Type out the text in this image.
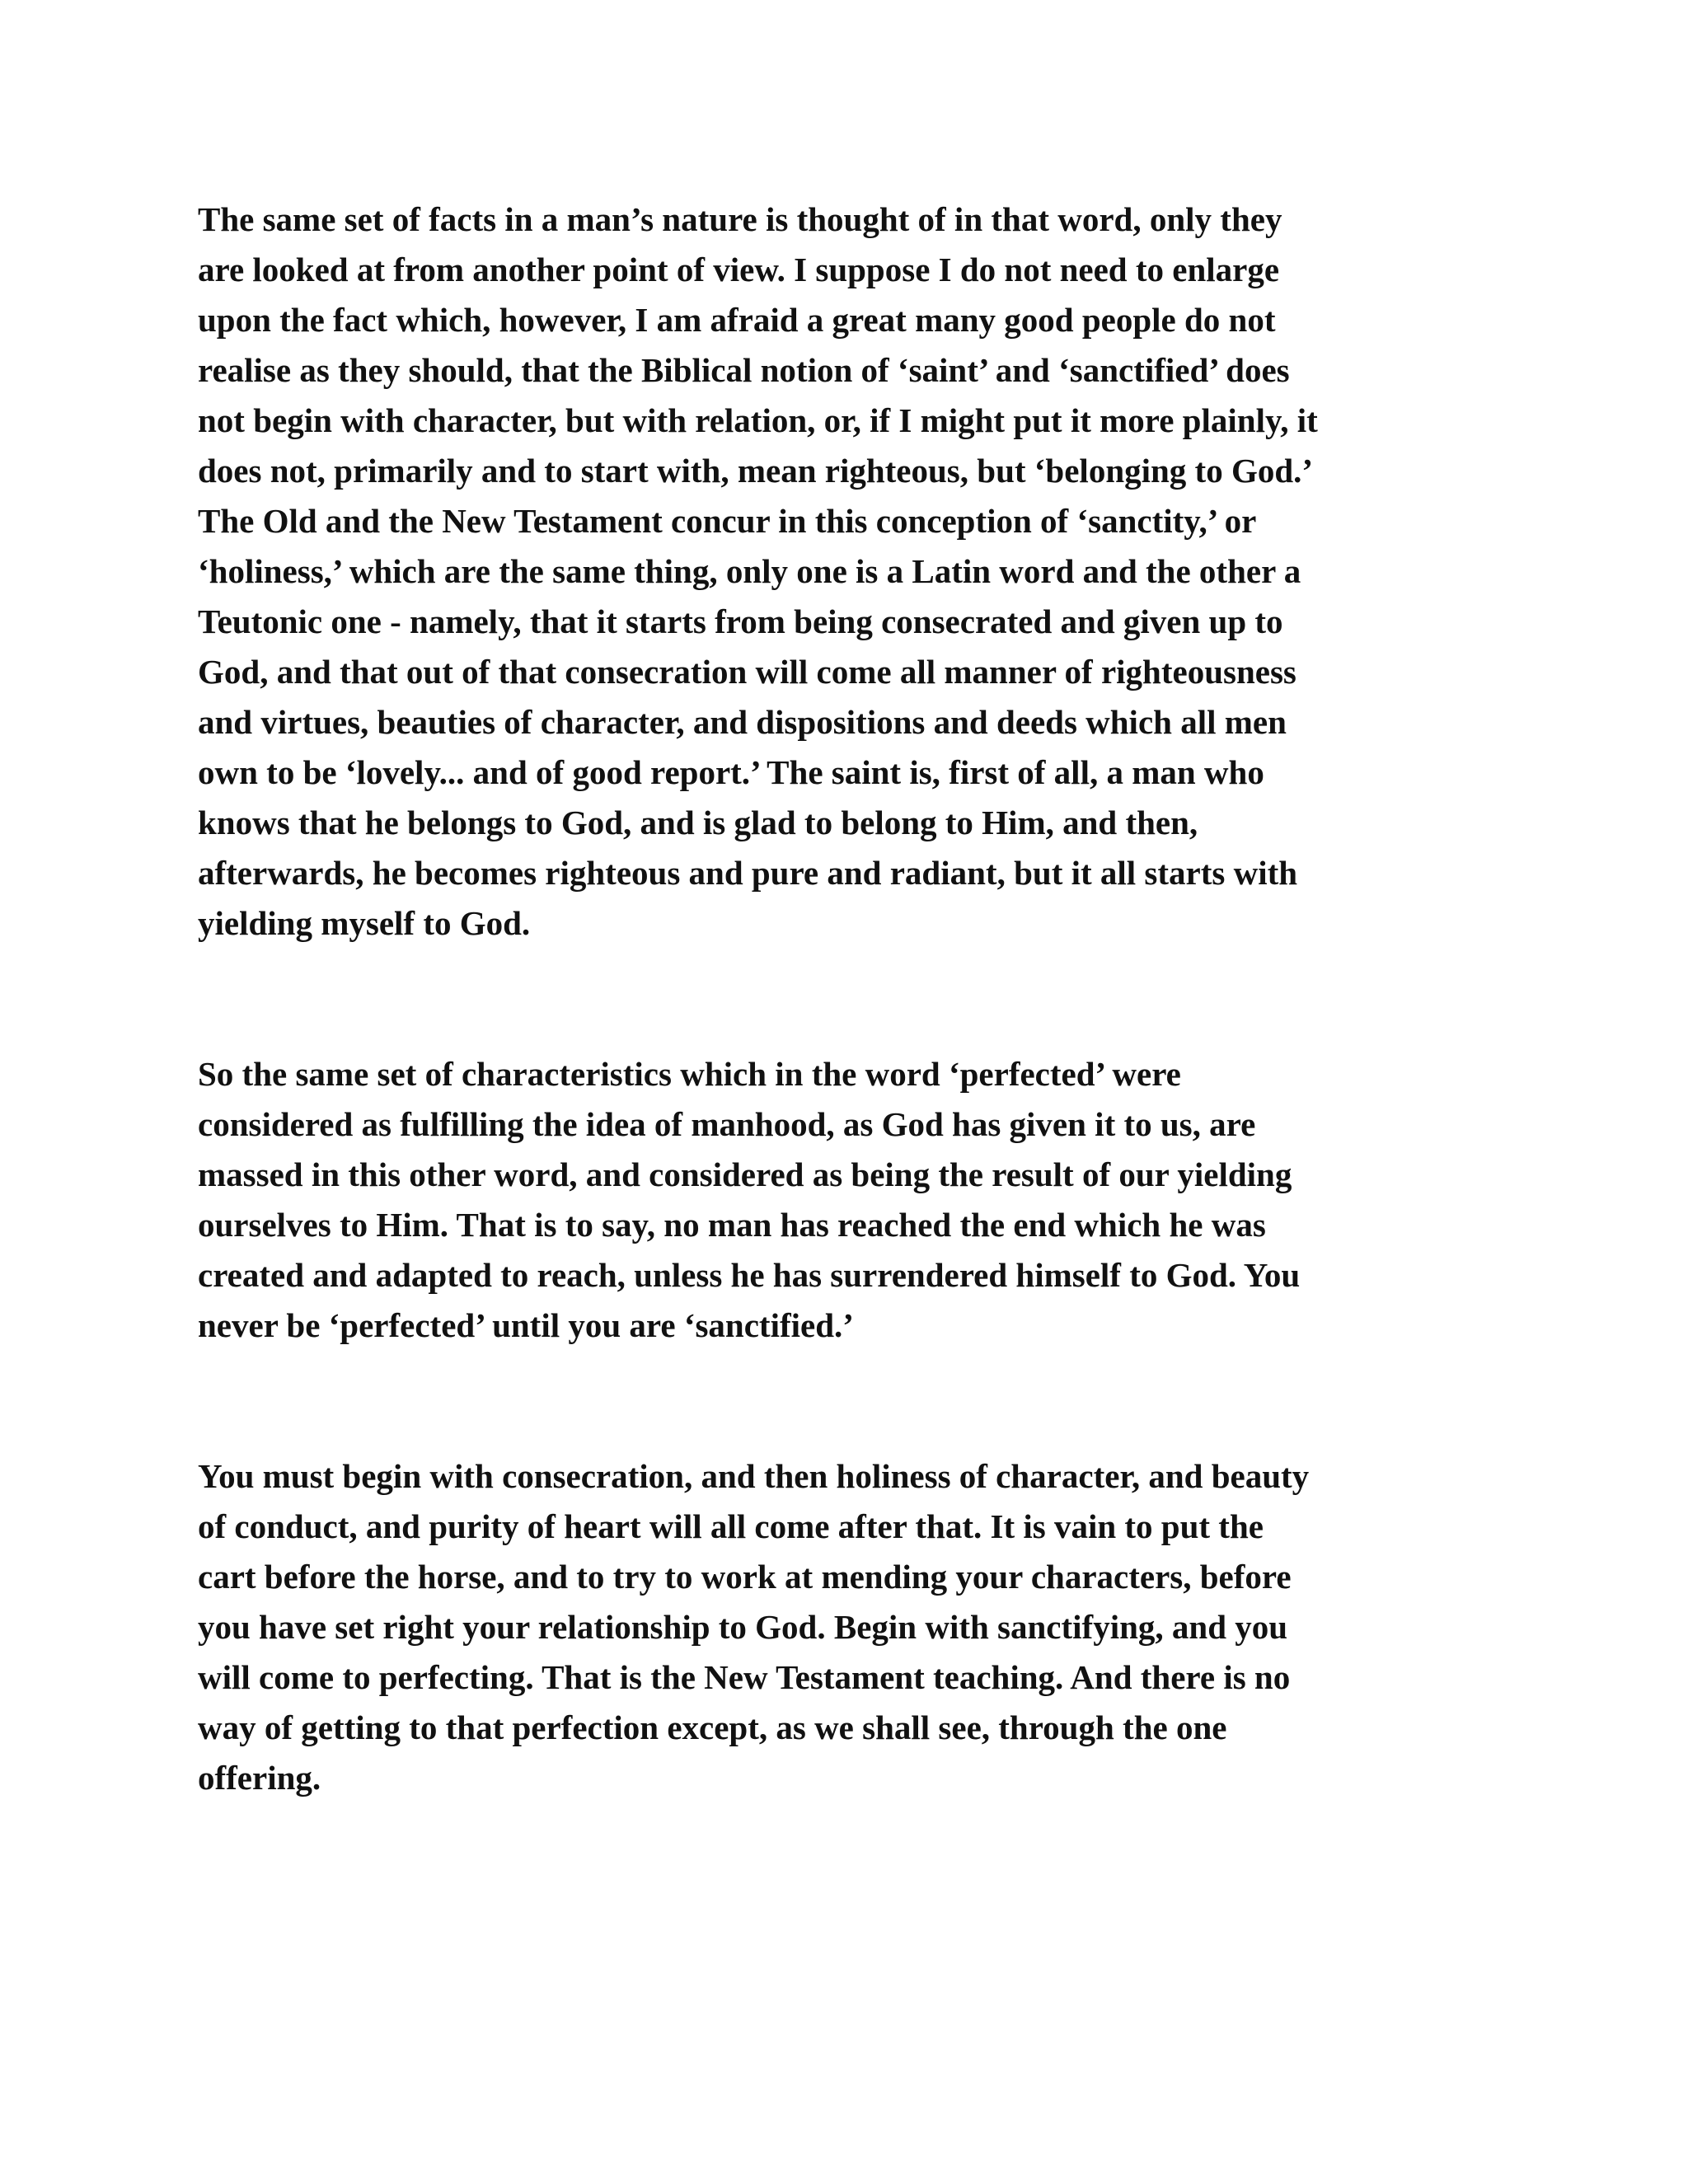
The same set of facts in a man’s nature is thought of in that word, only they
are looked at from another point of view. I suppose I do not need to enlarge
upon the fact which, however, I am afraid a great many good people do not
realise as they should, that the Biblical notion of ‘saint’ and ‘sanctified’ does
not begin with character, but with relation, or, if I might put it more plainly, it
does not, primarily and to start with, mean righteous, but ‘belonging to God.’
The Old and the New Testament concur in this conception of ‘sanctity,’ or
‘holiness,’ which are the same thing, only one is a Latin word and the other a
Teutonic one - namely, that it starts from being consecrated and given up to
God, and that out of that consecration will come all manner of righteousness
and virtues, beauties of character, and dispositions and deeds which all men
own to be ‘lovely... and of good report.’ The saint is, first of all, a man who
knows that he belongs to God, and is glad to belong to Him, and then,
afterwards, he becomes righteous and pure and radiant, but it all starts with
yielding myself to God.

So the same set of characteristics which in the word ‘perfected’ were
considered as fulfilling the idea of manhood, as God has given it to us, are
massed in this other word, and considered as being the result of our yielding
ourselves to Him. That is to say, no man has reached the end which he was
created and adapted to reach, unless he has surrendered himself to God. You
never be ‘perfected’ until you are ‘sanctified.’

You must begin with consecration, and then holiness of character, and beauty
of conduct, and purity of heart will all come after that. It is vain to put the
cart before the horse, and to try to work at mending your characters, before
you have set right your relationship to God. Begin with sanctifying, and you
will come to perfecting. That is the New Testament teaching. And there is no
way of getting to that perfection except, as we shall see, through the one
offering.
